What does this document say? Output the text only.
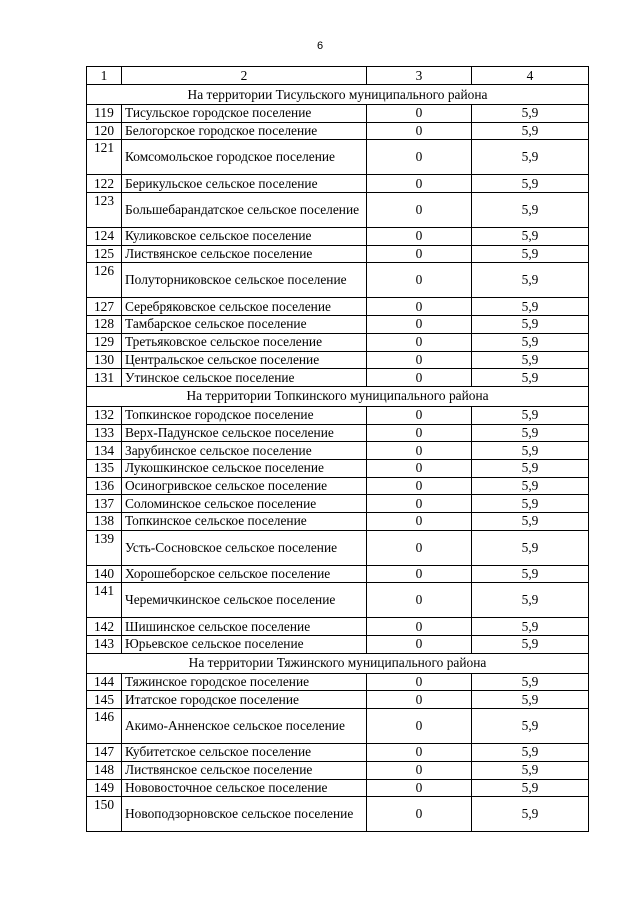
6
1	2	3	4
На территории Тисульского муниципального района			
119	Тисульское городское поселение	0	5,9
120	Белогорское городское поселение	0	5,9
121	Комсомольское городское поселение	0	5,9
122	Берикульское сельское поселение	0	5,9
123	Большебарандатское сельское поселение	0	5,9
124	Куликовское сельское поселение	0	5,9
125	Листвянское сельское поселение	0	5,9
126	Полуторниковское сельское поселение	0	5,9
127	Серебряковское сельское поселение	0	5,9
128	Тамбарское сельское поселение	0	5,9
129	Третьяковское сельское поселение	0	5,9
130	Центральское сельское поселение	0	5,9
131	Утинское сельское поселение	0	5,9
На территории Топкинского муниципального района			
132	Топкинское городское поселение	0	5,9
133	Верх-Падунское сельское поселение	0	5,9
134	Зарубинское сельское поселение	0	5,9
135	Лукошкинское сельское поселение	0	5,9
136	Осиногривское сельское поселение	0	5,9
137	Соломинское сельское поселение	0	5,9
138	Топкинское сельское поселение	0	5,9
139	Усть-Сосновское сельское поселение	0	5,9
140	Хорошеборское сельское поселение	0	5,9
141	Черемичкинское сельское поселение	0	5,9
142	Шишинское сельское поселение	0	5,9
143	Юрьевское сельское поселение	0	5,9
На территории Тяжинского муниципального района			
144	Тяжинское городское поселение	0	5,9
145	Итатское городское поселение	0	5,9
146	Акимо-Анненское сельское поселение	0	5,9
147	Кубитетское сельское поселение	0	5,9
148	Листвянское сельское поселение	0	5,9
149	Нововосточное сельское поселение	0	5,9
150	Новоподзорновское сельское поселение	0	5,9
